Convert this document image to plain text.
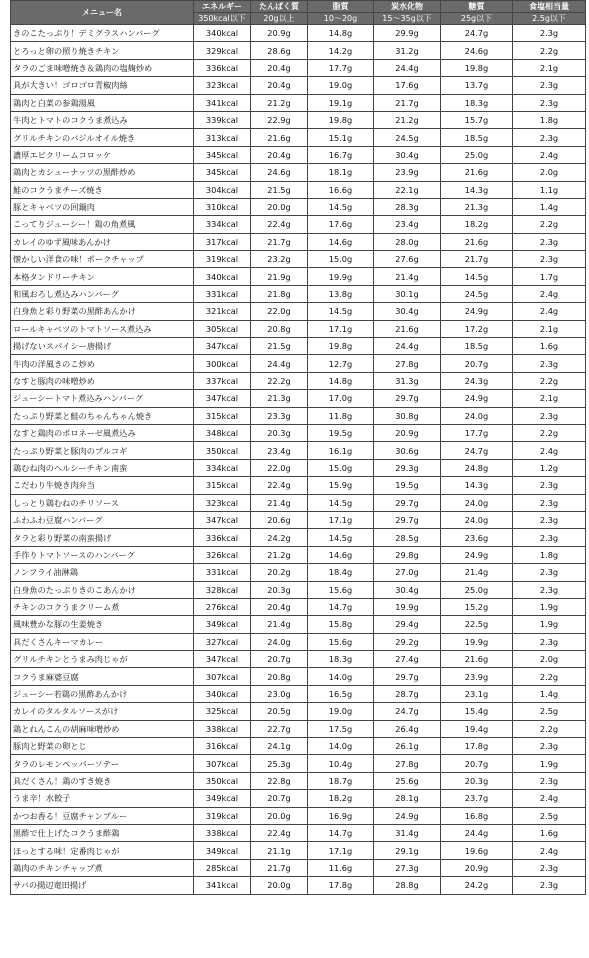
メニュー名	エネルギー	たんぱく質	脂質	炭水化物	糖質	食塩相当量
	350kcal以下	20g以上	10～20g	15～35g以下	25g以下	2.5g以下
きのこたっぷり！デミグラスハンバーグ	340kcal	20.9g	14.8g	29.9g	24.7g	2.3g
とろっと卵の照り焼きチキン	329kcal	28.6g	14.2g	31.2g	24.6g	2.2g
タラのごま味噌焼き＆鶏肉の塩麹炒め	336kcal	20.4g	17.7g	24.4g	19.8g	2.1g
具が大きい！ゴロゴロ青椒肉絲	323kcal	20.4g	19.0g	17.6g	13.7g	2.3g
鶏肉と白菜の参鶏湯風	341kcal	21.2g	19.1g	21.7g	18.3g	2.3g
牛肉とトマトのコクうま煮込み	339kcal	22.9g	19.8g	21.2g	15.7g	1.8g
グリルチキンのバジルオイル焼き	313kcal	21.6g	15.1g	24.5g	18.5g	2.3g
濃厚エビクリームコロッケ	345kcal	20.4g	16.7g	30.4g	25.0g	2.4g
鶏肉とカシューナッツの黒酢炒め	345kcal	24.6g	18.1g	23.9g	21.6g	2.0g
鮭のコクうまチーズ焼き	304kcal	21.5g	16.6g	22.1g	14.3g	1.1g
豚とキャベツの回鍋肉	310kcal	20.0g	14.5g	28.3g	21.3g	1.4g
こってりジューシー！鶏の角煮風	334kcal	22.4g	17.6g	23.4g	18.2g	2.2g
カレイのゆず風味あんかけ	317kcal	21.7g	14.6g	28.0g	21.6g	2.3g
懐かしい洋食の味！ポークチャップ	319kcal	23.2g	15.0g	27.6g	21.7g	2.3g
本格タンドリーチキン	340kcal	21.9g	19.9g	21.4g	14.5g	1.7g
和風おろし煮込みハンバーグ	331kcal	21.8g	13.8g	30.1g	24.5g	2.4g
白身魚と彩り野菜の黒酢あんかけ	321kcal	22.0g	14.5g	30.4g	24.9g	2.4g
ロールキャベツのトマトソース煮込み	305kcal	20.8g	17.1g	21.6g	17.2g	2.1g
揚げないスパイシー唐揚げ	347kcal	21.5g	19.8g	24.4g	18.5g	1.6g
牛肉の洋風きのこ炒め	300kcal	24.4g	12.7g	27.8g	20.7g	2.3g
なすと豚肉の味噌炒め	337kcal	22.2g	14.8g	31.3g	24.3g	2.2g
ジューシートマト煮込みハンバーグ	347kcal	21.3g	17.0g	29.7g	24.9g	2.1g
たっぷり野菜と鮭のちゃんちゃん焼き	315kcal	23.3g	11.8g	30.8g	24.0g	2.3g
なすと鶏肉のボロネーゼ風煮込み	348kcal	20.3g	19.5g	20.9g	17.7g	2.2g
たっぷり野菜と豚肉のプルコギ	350kcal	23.4g	16.1g	30.6g	24.7g	2.4g
鶏むね肉のヘルシーチキン南蛮	334kcal	22.0g	15.0g	29.3g	24.8g	1.2g
こだわり牛焼き肉弁当	315kcal	22.4g	15.9g	19.5g	14.3g	2.3g
しっとり鶏むねのチリソース	323kcal	21.4g	14.5g	29.7g	24.0g	2.3g
ふわふわ豆腐ハンバーグ	347kcal	20.6g	17.1g	29.7g	24.0g	2.3g
タラと彩り野菜の南蛮揚げ	336kcal	24.2g	14.5g	28.5g	23.6g	2.3g
手作りトマトソースのハンバーグ	326kcal	21.2g	14.6g	29.8g	24.9g	1.8g
ノンフライ油淋鶏	331kcal	20.2g	18.4g	27.0g	21.4g	2.3g
白身魚のたっぷりきのこあんかけ	328kcal	20.3g	15.6g	30.4g	25.0g	2.3g
チキンのコクうまクリーム煮	276kcal	20.4g	14.7g	19.9g	15.2g	1.9g
風味豊かな豚の生姜焼き	349kcal	21.4g	15.8g	29.4g	22.5g	1.9g
具だくさんキーマカレー	327kcal	24.0g	15.6g	29.2g	19.9g	2.3g
グリルチキンとうまみ肉じゃが	347kcal	20.7g	18.3g	27.4g	21.6g	2.0g
コクうま麻婆豆腐	307kcal	20.8g	14.0g	29.7g	23.9g	2.2g
ジューシー若鶏の黒酢あんかけ	340kcal	23.0g	16.5g	28.7g	23.1g	1.4g
カレイのタルタルソースがけ	325kcal	20.5g	19.0g	24.7g	15.4g	2.5g
鶏とれんこんの胡麻味噌炒め	338kcal	22.7g	17.5g	26.4g	19.4g	2.2g
豚肉と野菜の卵とじ	316kcal	24.1g	14.0g	26.1g	17.8g	2.3g
タラのレモンペッパーソテー	307kcal	25.3g	10.4g	27.8g	20.7g	1.9g
具だくさん！鶏のすき焼き	350kcal	22.8g	18.7g	25.6g	20.3g	2.3g
うま辛！水餃子	349kcal	20.7g	18.2g	28.1g	23.7g	2.4g
かつお香る！豆腐チャンプルー	319kcal	20.0g	16.9g	24.9g	16.8g	2.5g
黒酢で仕上げたコクうま酢鶏	338kcal	22.4g	14.7g	31.4g	24.4g	1.6g
ほっとする味！定番肉じゃが	349kcal	21.1g	17.1g	29.1g	19.6g	2.4g
鶏肉のチキンチャップ煮	285kcal	21.7g	11.6g	27.3g	20.9g	2.3g
サバの揚辺竜田揚げ	341kcal	20.0g	17.8g	28.8g	24.2g	2.3g
